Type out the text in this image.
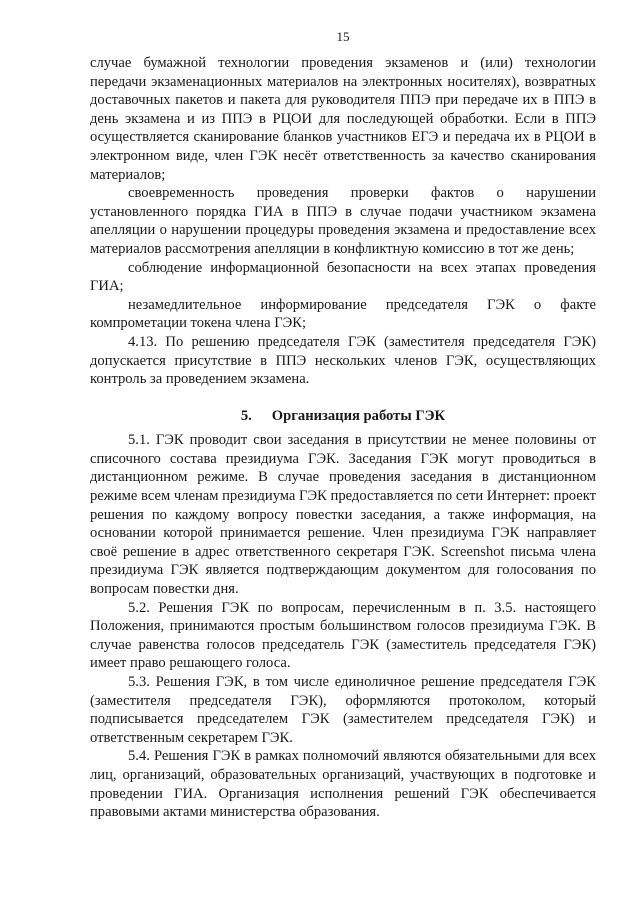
15

случае бумажной технологии проведения экзаменов и (или) технологии передачи экзаменационных материалов на электронных носителях), возвратных доставочных пакетов и пакета для руководителя ППЭ при передаче их в ППЭ в день экзамена и из ППЭ в РЦОИ для последующей обработки. Если в ППЭ осуществляется сканирование бланков участников ЕГЭ и передача их в РЦОИ в электронном виде, член ГЭК несёт ответственность за качество сканирования материалов;

своевременность проведения проверки фактов о нарушении установленного порядка ГИА в ППЭ в случае подачи участником экзамена апелляции о нарушении процедуры проведения экзамена и предоставление всех материалов рассмотрения апелляции в конфликтную комиссию в тот же день;

соблюдение информационной безопасности на всех этапах проведения ГИА;

незамедлительное информирование председателя ГЭК о факте компрометации токена члена ГЭК;

4.13. По решению председателя ГЭК (заместителя председателя ГЭК) допускается присутствие в ППЭ нескольких членов ГЭК, осуществляющих контроль за проведением экзамена.

5. Организация работы ГЭК

5.1. ГЭК проводит свои заседания в присутствии не менее половины от списочного состава президиума ГЭК. Заседания ГЭК могут проводиться в дистанционном режиме. В случае проведения заседания в дистанционном режиме всем членам президиума ГЭК предоставляется по сети Интернет: проект решения по каждому вопросу повестки заседания, а также информация, на основании которой принимается решение. Член президиума ГЭК направляет своё решение в адрес ответственного секретаря ГЭК. Screenshot письма члена президиума ГЭК является подтверждающим документом для голосования по вопросам повестки дня.

5.2. Решения ГЭК по вопросам, перечисленным в п. 3.5. настоящего Положения, принимаются простым большинством голосов президиума ГЭК. В случае равенства голосов председатель ГЭК (заместитель председателя ГЭК) имеет право решающего голоса.

5.3. Решения ГЭК, в том числе единоличное решение председателя ГЭК (заместителя председателя ГЭК), оформляются протоколом, который подписывается председателем ГЭК (заместителем председателя ГЭК) и ответственным секретарем ГЭК.

5.4. Решения ГЭК в рамках полномочий являются обязательными для всех лиц, организаций, образовательных организаций, участвующих в подготовке и проведении ГИА. Организация исполнения решений ГЭК обеспечивается правовыми актами министерства образования.
